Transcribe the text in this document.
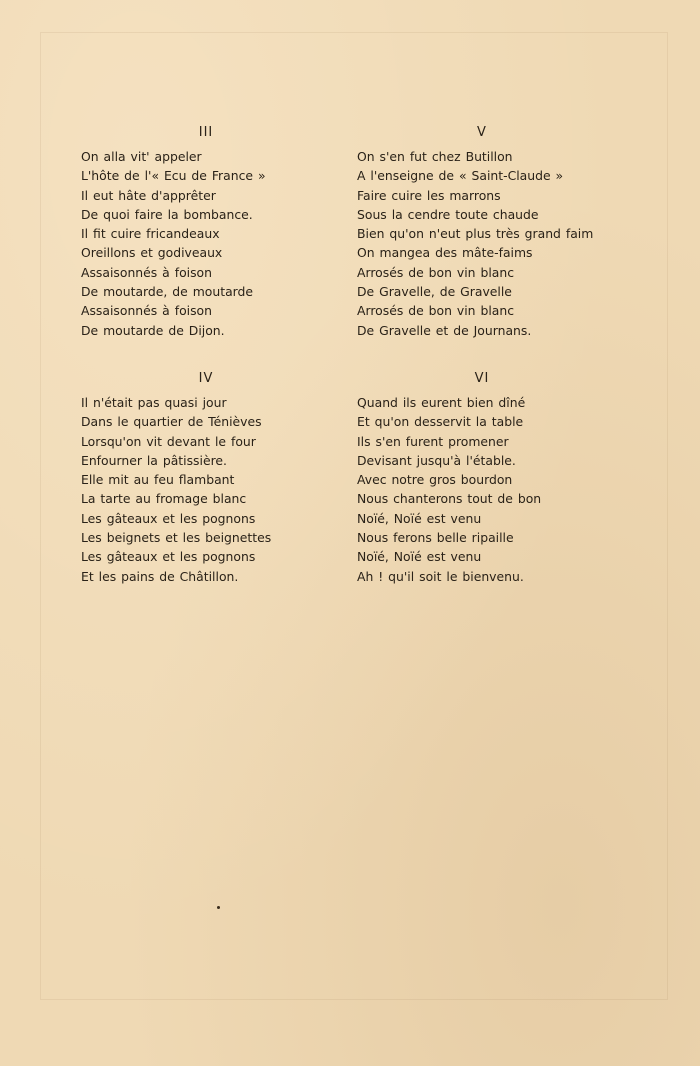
III
On alla vit' appeler
L'hôte de l'« Ecu de France »
Il eut hâte d'apprêter
De quoi faire la bombance.
Il fit cuire fricandeaux
Oreillons et godiveaux
Assaisonnés à foison
De moutarde, de moutarde
Assaisonnés à foison
De moutarde de Dijon.
IV
Il n'était pas quasi jour
Dans le quartier de Ténièves
Lorsqu'on vit devant le four
Enfourner la pâtissière.
Elle mit au feu flambant
La tarte au fromage blanc
Les gâteaux et les pognons
Les beignets et les beignettes
Les gâteaux et les pognons
Et les pains de Châtillon.
V
On s'en fut chez Butillon
A l'enseigne de « Saint-Claude »
Faire cuire les marrons
Sous la cendre toute chaude
Bien qu'on n'eut plus très grand faim
On mangea des mâte-faims
Arrosés de bon vin blanc
De Gravelle, de Gravelle
Arrosés de bon vin blanc
De Gravelle et de Journans.
VI
Quand ils eurent bien dîné
Et qu'on desservit la table
Ils s'en furent promener
Devisant jusqu'à l'étable.
Avec notre gros bourdon
Nous chanterons tout de bon
Noïé, Noïé est venu
Nous ferons belle ripaille
Noïé, Noïé est venu
Ah ! qu'il soit le bienvenu.
